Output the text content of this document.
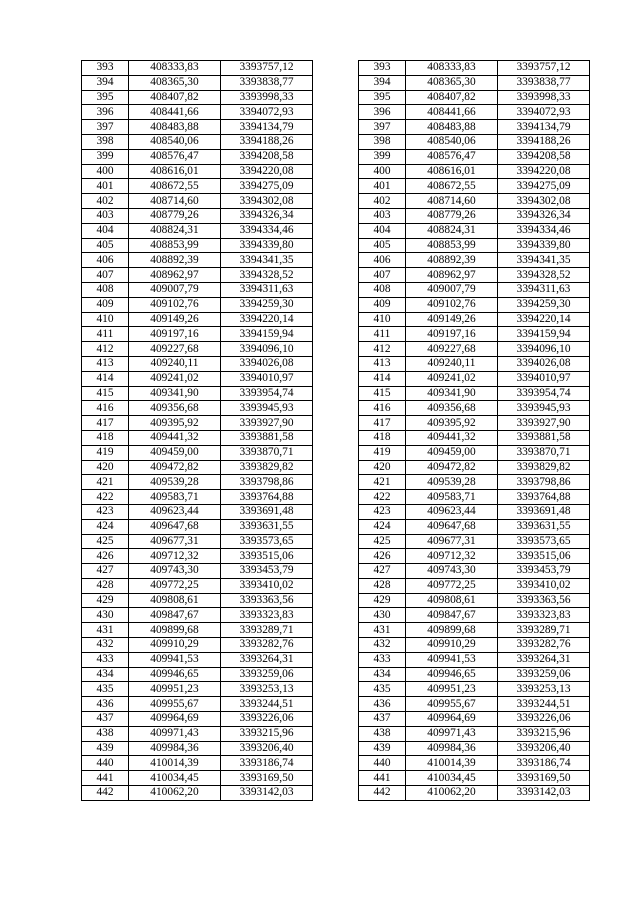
393	408333,83	3393757,12		393	408333,83	3393757,12
394	408365,30	3393838,77		394	408365,30	3393838,77
395	408407,82	3393998,33		395	408407,82	3393998,33
396	408441,66	3394072,93		396	408441,66	3394072,93
397	408483,88	3394134,79		397	408483,88	3394134,79
398	408540,06	3394188,26		398	408540,06	3394188,26
399	408576,47	3394208,58		399	408576,47	3394208,58
400	408616,01	3394220,08		400	408616,01	3394220,08
401	408672,55	3394275,09		401	408672,55	3394275,09
402	408714,60	3394302,08		402	408714,60	3394302,08
403	408779,26	3394326,34		403	408779,26	3394326,34
404	408824,31	3394334,46		404	408824,31	3394334,46
405	408853,99	3394339,80		405	408853,99	3394339,80
406	408892,39	3394341,35		406	408892,39	3394341,35
407	408962,97	3394328,52		407	408962,97	3394328,52
408	409007,79	3394311,63		408	409007,79	3394311,63
409	409102,76	3394259,30		409	409102,76	3394259,30
410	409149,26	3394220,14		410	409149,26	3394220,14
411	409197,16	3394159,94		411	409197,16	3394159,94
412	409227,68	3394096,10		412	409227,68	3394096,10
413	409240,11	3394026,08		413	409240,11	3394026,08
414	409241,02	3394010,97		414	409241,02	3394010,97
415	409341,90	3393954,74		415	409341,90	3393954,74
416	409356,68	3393945,93		416	409356,68	3393945,93
417	409395,92	3393927,90		417	409395,92	3393927,90
418	409441,32	3393881,58		418	409441,32	3393881,58
419	409459,00	3393870,71		419	409459,00	3393870,71
420	409472,82	3393829,82		420	409472,82	3393829,82
421	409539,28	3393798,86		421	409539,28	3393798,86
422	409583,71	3393764,88		422	409583,71	3393764,88
423	409623,44	3393691,48		423	409623,44	3393691,48
424	409647,68	3393631,55		424	409647,68	3393631,55
425	409677,31	3393573,65		425	409677,31	3393573,65
426	409712,32	3393515,06		426	409712,32	3393515,06
427	409743,30	3393453,79		427	409743,30	3393453,79
428	409772,25	3393410,02		428	409772,25	3393410,02
429	409808,61	3393363,56		429	409808,61	3393363,56
430	409847,67	3393323,83		430	409847,67	3393323,83
431	409899,68	3393289,71		431	409899,68	3393289,71
432	409910,29	3393282,76		432	409910,29	3393282,76
433	409941,53	3393264,31		433	409941,53	3393264,31
434	409946,65	3393259,06		434	409946,65	3393259,06
435	409951,23	3393253,13		435	409951,23	3393253,13
436	409955,67	3393244,51		436	409955,67	3393244,51
437	409964,69	3393226,06		437	409964,69	3393226,06
438	409971,43	3393215,96		438	409971,43	3393215,96
439	409984,36	3393206,40		439	409984,36	3393206,40
440	410014,39	3393186,74		440	410014,39	3393186,74
441	410034,45	3393169,50		441	410034,45	3393169,50
442	410062,20	3393142,03		442	410062,20	3393142,03
